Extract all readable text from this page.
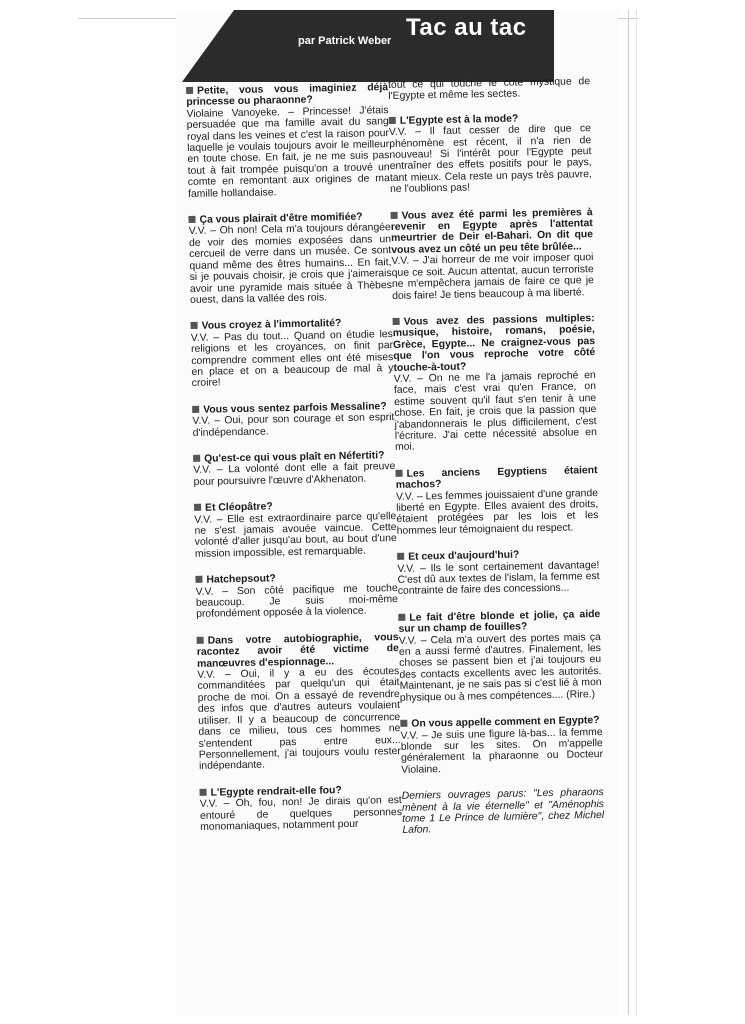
par Patrick Weber Tac au tac

Petite, vous vous imaginiez déjà princesse ou pharaonne?

Violaine Vanoyeke. – Princesse! J'étais persuadée que ma famille avait du sang royal dans les veines et c'est la raison pour laquelle je voulais toujours avoir le meilleur en toute chose. En fait, je ne me suis pas tout à fait trompée puisqu'on a trouvé un comte en remontant aux origines de ma famille hollandaise.

Ça vous plairait d'être momifiée?

V.V. – Oh non! Cela m'a toujours dérangée de voir des momies exposées dans un cercueil de verre dans un musée. Ce sont quand même des êtres humains... En fait, si je pouvais choisir, je crois que j'aimerais avoir une pyramide mais située à Thèbes ouest, dans la vallée des rois.

Vous croyez à l'immortalité?

V.V. – Pas du tout... Quand on étudie les religions et les croyances, on finit par comprendre comment elles ont été mises en place et on a beaucoup de mal à y croire!

Vous vous sentez parfois Messaline?

V.V. – Oui, pour son courage et son esprit d'indépendance.

Qu'est-ce qui vous plaît en Néfertiti?

V.V. – La volonté dont elle a fait preuve pour poursuivre l'œuvre d'Akhenaton.

Et Cléopâtre?

V.V. – Elle est extraordinaire parce qu'elle ne s'est jamais avouée vaincue. Cette volonté d'aller jusqu'au bout, au bout d'une mission impossible, est remarquable.

Hatchepsout?

V.V. – Son côté pacifique me touche beaucoup. Je suis moi-même profondément opposée à la violence.

Dans votre autobiographie, vous racontez avoir été victime de manœuvres d'espionnage...

V.V. – Oui, il y a eu des écoutes commanditées par quelqu'un qui était proche de moi. On a essayé de revendre des infos que d'autres auteurs voulaient utiliser. Il y a beaucoup de concurrence dans ce milieu, tous ces hommes ne s'entendent pas entre eux... Personnellement, j'ai toujours voulu rester indépendante.

L'Egypte rendrait-elle fou?

V.V. – Oh, fou, non! Je dirais qu'on est entouré de quelques personnes monomaniaques, notamment pour

tout ce qui touche le côté mystique de l'Egypte et même les sectes.

L'Egypte est à la mode?

V.V. – Il faut cesser de dire que ce phénomène est récent, il n'a rien de nouveau! Si l'intérêt pour l'Egypte peut entraîner des effets positifs pour le pays, tant mieux. Cela reste un pays très pauvre, ne l'oublions pas!

Vous avez été parmi les premières à revenir en Egypte après l'attentat meurtrier de Deir el-Bahari. On dit que vous avez un côté un peu tête brûlée...

V.V. – J'ai horreur de me voir imposer quoi que ce soit. Aucun attentat, aucun terroriste ne m'empêchera jamais de faire ce que je dois faire! Je tiens beaucoup à ma liberté.

Vous avez des passions multiples: musique, histoire, romans, poésie, Grèce, Egypte... Ne craignez-vous pas que l'on vous reproche votre côté touche-à-tout?

V.V. – On ne me l'a jamais reproché en face, mais c'est vrai qu'en France, on estime souvent qu'il faut s'en tenir à une chose. En fait, je crois que la passion que j'abandonnerais le plus difficilement, c'est l'écriture. J'ai cette nécessité absolue en moi.

Les anciens Egyptiens étaient machos?

V.V. – Les femmes jouissaient d'une grande liberté en Egypte. Elles avaient des droits, étaient protégées par les lois et les hommes leur témoignaient du respect.

Et ceux d'aujourd'hui?

V.V. – Ils le sont certainement davantage! C'est dû aux textes de l'islam, la femme est contrainte de faire des concessions...

Le fait d'être blonde et jolie, ça aide sur un champ de fouilles?

V.V. – Cela m'a ouvert des portes mais ça en a aussi fermé d'autres. Finalement, les choses se passent bien et j'ai toujours eu des contacts excellents avec les autorités. Maintenant, je ne sais pas si c'est lié à mon physique ou à mes compétences.... (Rire.)

On vous appelle comment en Egypte?

V.V. – Je suis une figure là-bas... la femme blonde sur les sites. On m'appelle généralement la pharaonne ou Docteur Violaine.

Derniers ouvrages parus: "Les pharaons mènent à la vie éternelle" et "Aménophis tome 1 Le Prince de lumière", chez Michel Lafon.
